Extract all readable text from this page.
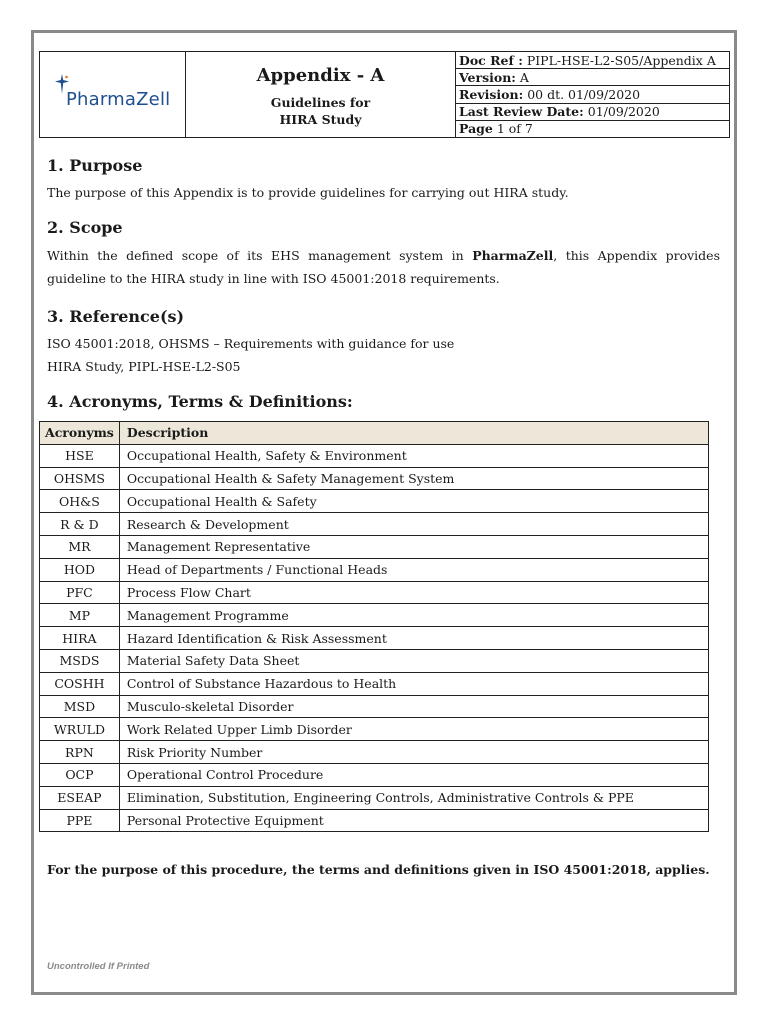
PharmaZell
Appendix - A
Guidelines for
HIRA Study
Doc Ref : PIPL-HSE-L2-S05/Appendix A
Version: A
Revision: 00 dt. 01/09/2020
Last Review Date: 01/09/2020
Page 1 of 7
1. Purpose

The purpose of this Appendix is to provide guidelines for carrying out HIRA study.

2. Scope

Within the defined scope of its EHS management system in PharmaZell, this Appendix provides guideline to the HIRA study in line with ISO 45001:2018 requirements.

3. Reference(s)

ISO 45001:2018, OHSMS – Requirements with guidance for use

HIRA Study, PIPL-HSE-L2-S05

4. Acronyms, Terms & Definitions:
Acronyms	Description
HSE	Occupational Health, Safety & Environment
OHSMS	Occupational Health & Safety Management System
OH&S	Occupational Health & Safety
R & D	Research & Development
MR	Management Representative
HOD	Head of Departments / Functional Heads
PFC	Process Flow Chart
MP	Management Programme
HIRA	Hazard Identification & Risk Assessment
MSDS	Material Safety Data Sheet
COSHH	Control of Substance Hazardous to Health
MSD	Musculo-skeletal Disorder
WRULD	Work Related Upper Limb Disorder
RPN	Risk Priority Number
OCP	Operational Control Procedure
ESEAP	Elimination, Substitution, Engineering Controls, Administrative Controls & PPE
PPE	Personal Protective Equipment

For the purpose of this procedure, the terms and definitions given in ISO 45001:2018, applies.

Uncontrolled If Printed
